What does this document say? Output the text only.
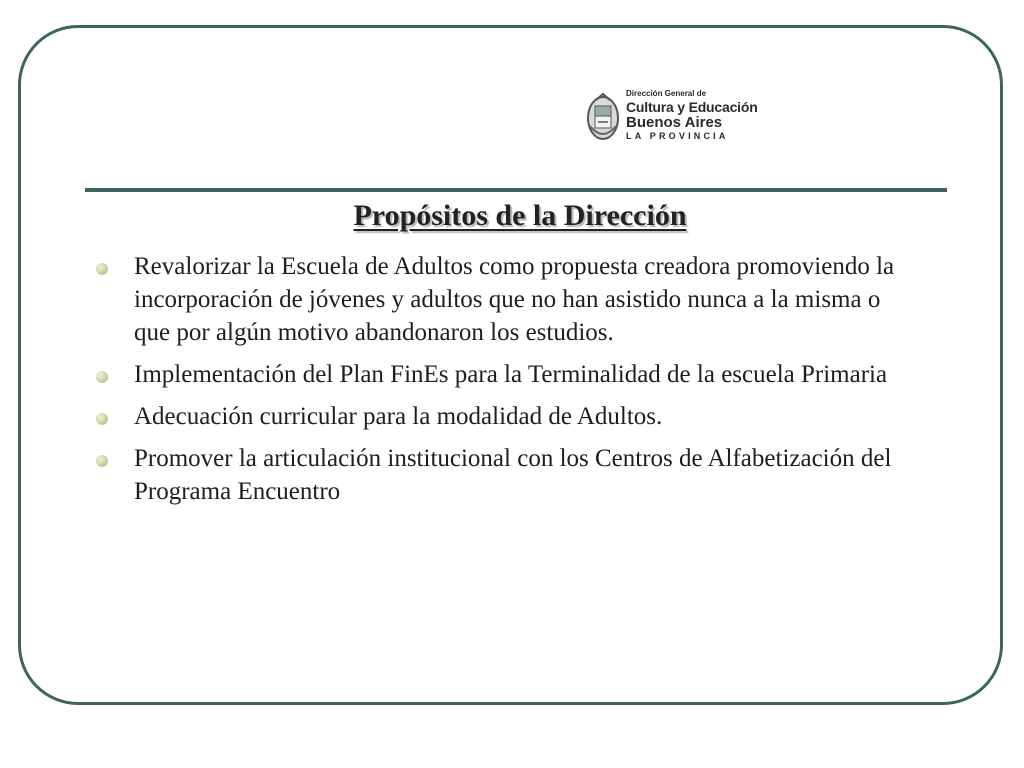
Dirección General de
Cultura y Educación
Buenos Aires
LA PROVINCIA
Propósitos de la Dirección
Revalorizar la Escuela de Adultos como propuesta creadora promoviendo la incorporación de jóvenes y adultos que no han asistido nunca a la misma o que por algún motivo abandonaron los estudios.
Implementación del Plan FinEs para la Terminalidad de la escuela Primaria
Adecuación curricular para la modalidad de Adultos.
Promover la articulación institucional con los Centros de Alfabetización del Programa Encuentro
